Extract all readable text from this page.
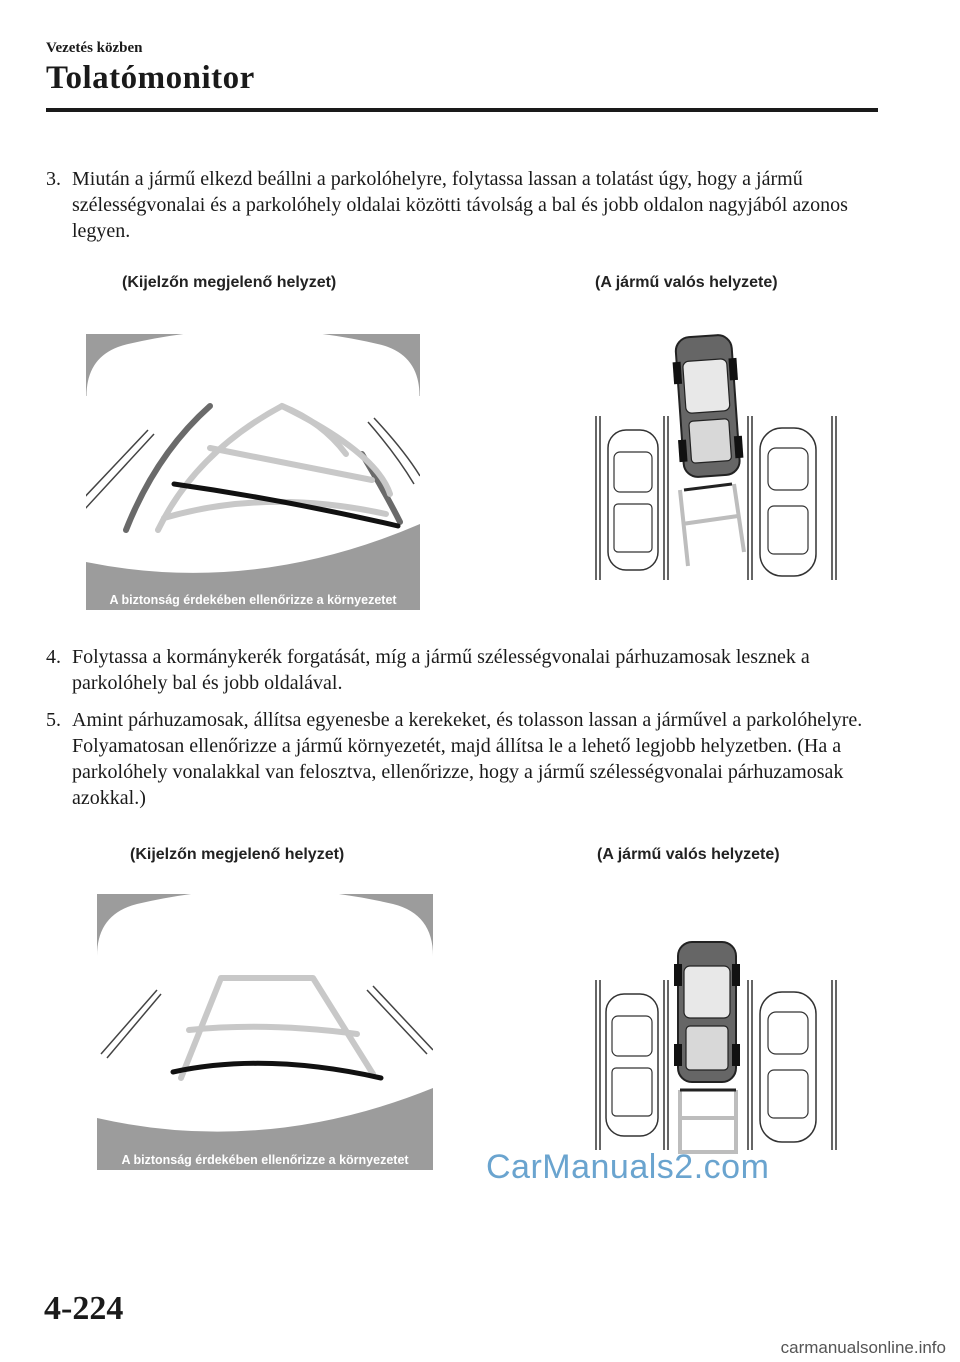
Vezetés közben
Tolatómonitor
3. Miután a jármű elkezd beállni a parkolóhelyre, folytassa lassan a tolatást úgy, hogy a jármű szélességvonalai és a parkolóhely oldalai közötti távolság a bal és jobb oldalon nagyjából azonos legyen.
(Kijelzőn megjelenő helyzet)	(A jármű valós helyzete)
A biztonság érdekében ellenőrizze a környezetet
4. Folytassa a kormánykerék forgatását, míg a jármű szélességvonalai párhuzamosak lesznek a parkolóhely bal és jobb oldalával.
5. Amint párhuzamosak, állítsa egyenesbe a kerekeket, és tolasson lassan a járművel a parkolóhelyre. Folyamatosan ellenőrizze a jármű környezetét, majd állítsa le a lehető legjobb helyzetben. (Ha a parkolóhely vonalakkal van felosztva, ellenőrizze, hogy a jármű szélességvonalai párhuzamosak azokkal.)
(Kijelzőn megjelenő helyzet)	(A jármű valós helyzete)
A biztonság érdekében ellenőrizze a környezetet	CarManuals2.com
4-224
carmanualsonline.info
